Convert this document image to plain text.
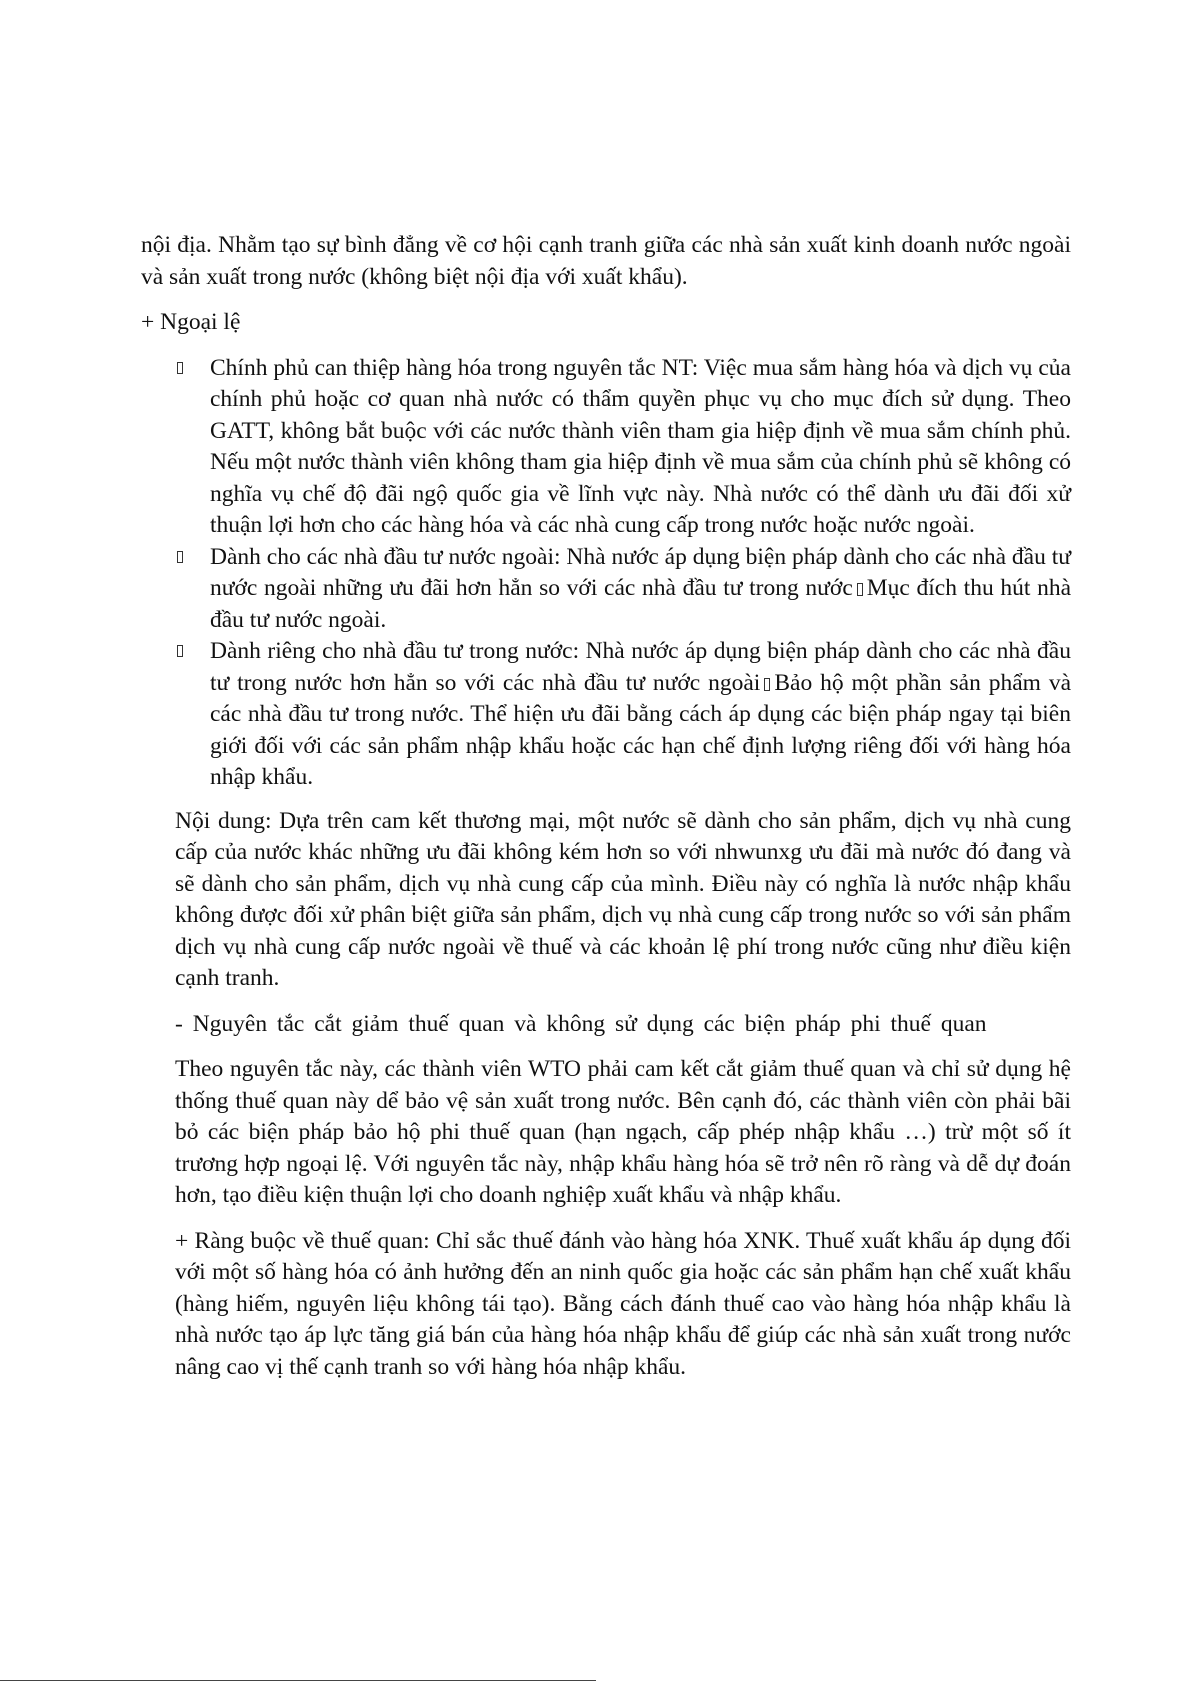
nội địa. Nhằm tạo sự bình đẳng về cơ hội cạnh tranh giữa các nhà sản xuất kinh doanh nước ngoài và sản xuất trong nước (không biệt nội địa với xuất khẩu).

+ Ngoại lệ

Chính phủ can thiệp hàng hóa trong nguyên tắc NT: Việc mua sắm hàng hóa và dịch vụ của chính phủ hoặc cơ quan nhà nước có thẩm quyền phục vụ cho mục đích sử dụng. Theo GATT, không bắt buộc với các nước thành viên tham gia hiệp định về mua sắm chính phủ. Nếu một nước thành viên không tham gia hiệp định về mua sắm của chính phủ sẽ không có nghĩa vụ chế độ đãi ngộ quốc gia về lĩnh vực này. Nhà nước có thể dành ưu đãi đối xử thuận lợi hơn cho các hàng hóa và các nhà cung cấp trong nước hoặc nước ngoài.
Dành cho các nhà đầu tư nước ngoài: Nhà nước áp dụng biện pháp dành cho các nhà đầu tư nước ngoài những ưu đãi hơn hẳn so với các nhà đầu tư trong nước Mục đích thu hút nhà đầu tư nước ngoài.
Dành riêng cho nhà đầu tư trong nước: Nhà nước áp dụng biện pháp dành cho các nhà đầu tư trong nước hơn hẳn so với các nhà đầu tư nước ngoài Bảo hộ một phần sản phẩm và các nhà đầu tư trong nước. Thể hiện ưu đãi bằng cách áp dụng các biện pháp ngay tại biên giới đối với các sản phẩm nhập khẩu hoặc các hạn chế định lượng riêng đối với hàng hóa nhập khẩu.

Nội dung: Dựa trên cam kết thương mại, một nước sẽ dành cho sản phẩm, dịch vụ nhà cung cấp của nước khác những ưu đãi không kém hơn so với nhwunxg ưu đãi mà nước đó đang và sẽ dành cho sản phẩm, dịch vụ nhà cung cấp của mình. Điều này có nghĩa là nước nhập khẩu không được đối xử phân biệt giữa sản phẩm, dịch vụ nhà cung cấp trong nước so với sản phẩm dịch vụ nhà cung cấp nước ngoài về thuế và các khoản lệ phí trong nước cũng như điều kiện cạnh tranh.

- Nguyên tắc cắt giảm thuế quan và không sử dụng các biện pháp phi thuế quan

Theo nguyên tắc này, các thành viên WTO phải cam kết cắt giảm thuế quan và chỉ sử dụng hệ thống thuế quan này dể bảo vệ sản xuất trong nước. Bên cạnh đó, các thành viên còn phải bãi bỏ các biện pháp bảo hộ phi thuế quan (hạn ngạch, cấp phép nhập khẩu …) trừ một số ít trương hợp ngoại lệ. Với nguyên tắc này, nhập khẩu hàng hóa sẽ trở nên rõ ràng và dễ dự đoán hơn, tạo điều kiện thuận lợi cho doanh nghiệp xuất khẩu và nhập khẩu.

+ Ràng buộc về thuế quan: Chỉ sắc thuế đánh vào hàng hóa XNK. Thuế xuất khẩu áp dụng đối với một số hàng hóa có ảnh hưởng đến an ninh quốc gia hoặc các sản phẩm hạn chế xuất khẩu (hàng hiếm, nguyên liệu không tái tạo). Bằng cách đánh thuế cao vào hàng hóa nhập khẩu là nhà nước tạo áp lực tăng giá bán của hàng hóa nhập khẩu để giúp các nhà sản xuất trong nước nâng cao vị thế cạnh tranh so với hàng hóa nhập khẩu.
